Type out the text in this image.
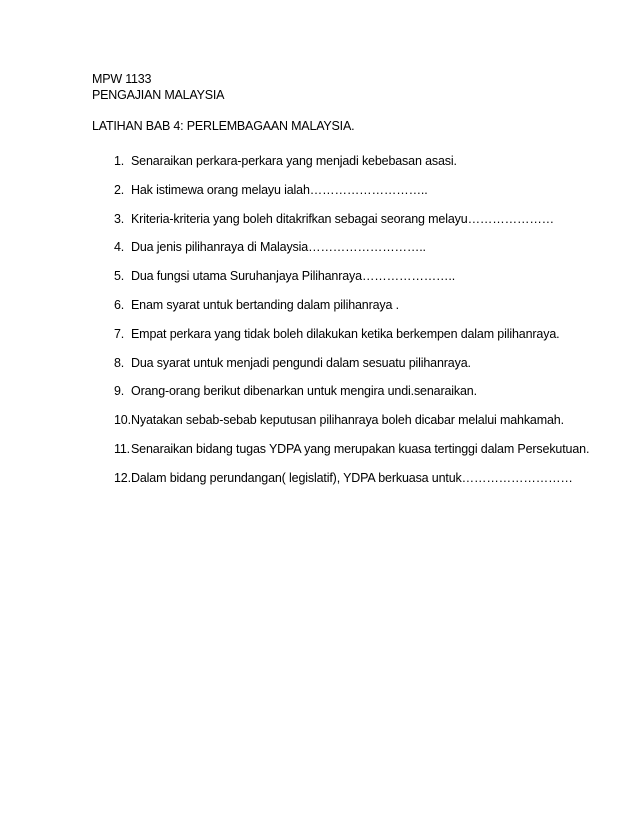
MPW 1133
PENGAJIAN MALAYSIA
LATIHAN BAB 4: PERLEMBAGAAN MALAYSIA.
1. Senaraikan perkara-perkara yang menjadi kebebasan asasi.
2. Hak istimewa orang melayu ialah………………………..
3. Kriteria-kriteria yang boleh ditakrifkan sebagai seorang melayu…………………
4. Dua jenis pilihanraya di Malaysia………………………..
5. Dua fungsi utama Suruhanjaya Pilihanraya…………………..
6. Enam syarat untuk bertanding dalam pilihanraya .
7. Empat perkara yang tidak boleh dilakukan ketika berkempen dalam pilihanraya.
8. Dua syarat untuk menjadi pengundi dalam sesuatu pilihanraya.
9. Orang-orang berikut dibenarkan untuk mengira undi.senaraikan.
10. Nyatakan sebab-sebab keputusan pilihanraya boleh dicabar melalui mahkamah.
11. Senaraikan bidang tugas YDPA yang merupakan kuasa tertinggi dalam Persekutuan.
12. Dalam bidang perundangan( legislatif), YDPA berkuasa untuk………………………
